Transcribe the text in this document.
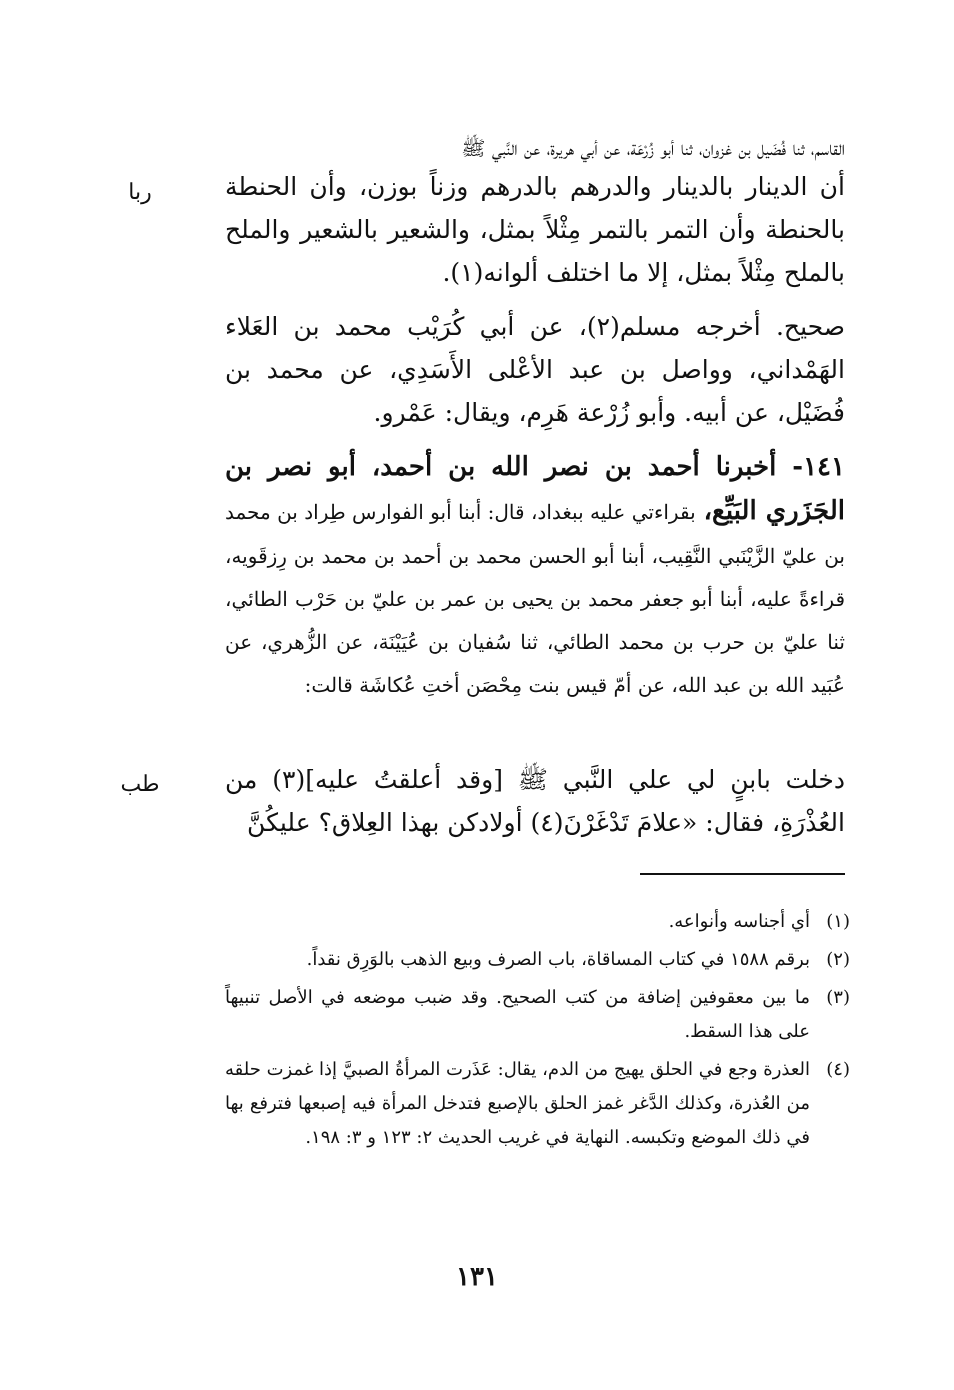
القاسم، ثنا فُضَيل بن غزوان، ثنا أبو زُرْعَة، عن أبي هريرة، عن النَّبي ﷺ

ربا	أن الدينار بالدينار والدرهم بالدرهم وزناً بوزن، وأن الحنطة بالحنطة وأن التمر بالتمر مِثْلاً بمثل، والشعير بالشعير والملح بالملح مِثْلاً بمثل، إلا ما اختلف ألوانه(١).

صحيح. أخرجه مسلم(٢)، عن أبي كُرَيْب محمد بن العَلاء الهَمْداني، وواصل بن عبد الأعْلى الأَسَدِي، عن محمد بن فُضَيْل، عن أبيه. وأبو زُرْعة هَرِم، ويقال: عَمْرو.

١٤١- أخبرنا أحمد بن نصر الله بن أحمد، أبو نصر بن الجَزَري البَيِّع، بقراءتي عليه ببغداد، قال: أبنا أبو الفوارس طِراد بن محمد بن عليّ الزَّيْنَبي النَّقِيب، أبنا أبو الحسن محمد بن أحمد بن محمد بن رِزقَويه، قراءةً عليه، أبنا أبو جعفر محمد بن يحيى بن عمر بن عليّ بن حَرْب الطائي، ثنا عليّ بن حرب بن محمد الطائي، ثنا سُفيان بن عُيَيْنَة، عن الزُّهري، عن عُبَيد الله بن عبد الله، عن أمّ قيس بنت مِحْصَن أختِ عُكاشَة قالت:
طب	دخلت بابنٍ لي علي النَّبي ﷺ [وقد أعلقتُ عليه](٣) من العُذْرَةِ، فقال: «علامَ تَدْغَرْنَ(٤) أولادكن بهذا العِلاق؟ عليكُنَّ

(١)
أي أجناسه وأنواعه.
(٢)
برقم ١٥٨٨ في كتاب المساقاة، باب الصرف وبيع الذهب بالوَرِق نقداً.
(٣)
ما بين معقوفين إضافة من كتب الصحيح. وقد ضبب موضعه في الأصل تنبيهاً على هذا السقط.
(٤)
العذرة وجع في الحلق يهيج من الدم، يقال: عَذَرت المرأةُ الصبيَّ إذا غمزت حلقه من العُذرة، وكذلك الدَّغر غمز الحلق بالإصبع فتدخل المرأة فيه إصبعها فترفع بها في ذلك الموضع وتكبسه. النهاية في غريب الحديث ٢: ١٢٣ و ٣: ١٩٨.
١٣١
